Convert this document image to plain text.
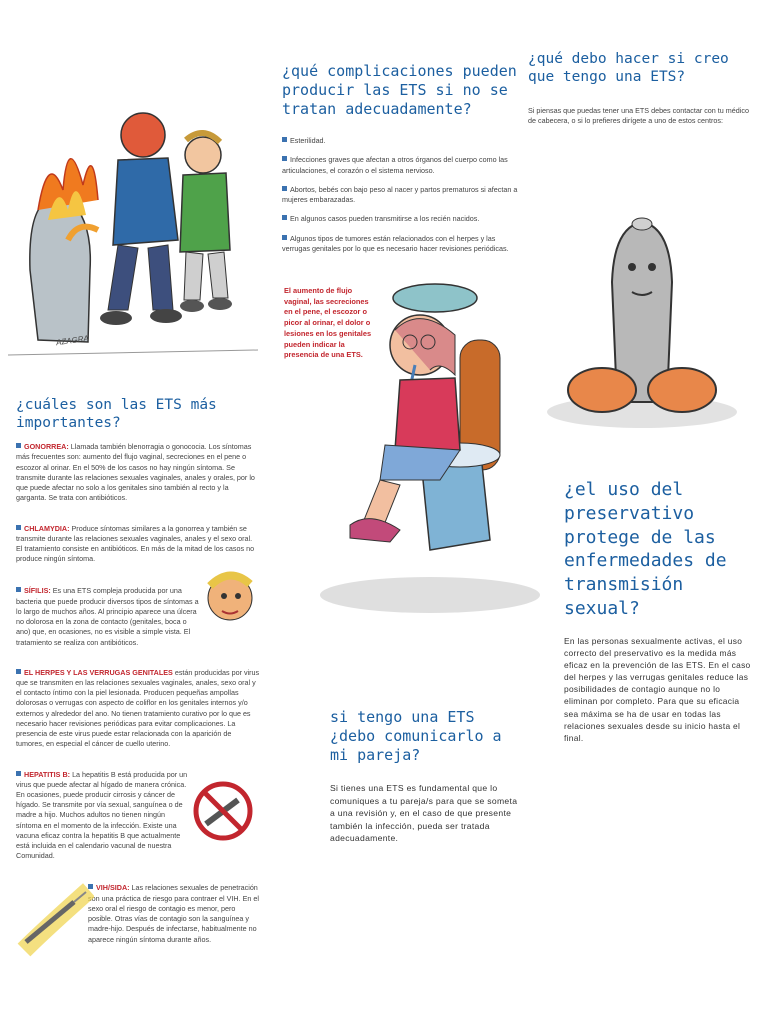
AZAGRA
¿cuáles son las ETS más importantes?

GONORREA: Llamada también blenorragia o gonococia. Los síntomas más frecuentes son: aumento del flujo vaginal, secreciones en el pene o escozor al orinar. En el 50% de los casos no hay ningún síntoma. Se transmite durante las relaciones sexuales vaginales, anales y orales, por lo que puede afectar no solo a los genitales sino también al recto y la garganta. Se trata con antibióticos.

CHLAMYDIA: Produce síntomas similares a la gonorrea y también se transmite durante las relaciones sexuales vaginales, anales y el sexo oral. El tratamiento consiste en antibióticos. En más de la mitad de los casos no produce ningún síntoma.

SÍFILIS: Es una ETS compleja producida por una bacteria que puede producir diversos tipos de síntomas a lo largo de muchos años. Al principio aparece una úlcera no dolorosa en la zona de contacto (genitales, boca o ano) que, en ocasiones, no es visible a simple vista. El tratamiento se realiza con antibióticos.

EL HERPES Y LAS VERRUGAS GENITALES están producidas por virus que se transmiten en las relaciones sexuales vaginales, anales, sexo oral y el contacto íntimo con la piel lesionada. Producen pequeñas ampollas dolorosas o verrugas con aspecto de coliflor en los genitales internos y/o externos y alrededor del ano. No tienen tratamiento curativo por lo que es necesario hacer revisiones periódicas para evitar complicaciones. La presencia de este virus puede estar relacionada con la aparición de tumores, en especial el cáncer de cuello uterino.

HEPATITIS B: La hepatitis B está producida por un virus que puede afectar al hígado de manera crónica. En ocasiones, puede producir cirrosis y cáncer de hígado. Se transmite por vía sexual, sanguínea o de madre a hijo. Muchos adultos no tienen ningún síntoma en el momento de la infección. Existe una vacuna eficaz contra la hepatitis B que actualmente está incluida en el calendario vacunal de nuestra Comunidad.

VIH/SIDA: Las relaciones sexuales de penetración son una práctica de riesgo para contraer el VIH. En el sexo oral el riesgo de contagio es menor, pero posible. Otras vías de contagio son la sanguínea y madre-hijo. Después de infectarse, habitualmente no aparece ningún síntoma durante años.

¿qué complicaciones pueden producir las ETS si no se tratan adecuadamente?

Esterilidad.

Infecciones graves que afectan a otros órganos del cuerpo como las articulaciones, el corazón o el sistema nervioso.

Abortos, bebés con bajo peso al nacer y partos prematuros si afectan a mujeres embarazadas.

En algunos casos pueden transmitirse a los recién nacidos.

Algunos tipos de tumores están relacionados con el herpes y las verrugas genitales por lo que es necesario hacer revisiones periódicas.

El aumento de flujo vaginal, las secreciones en el pene, el escozor o picor al orinar, el dolor o lesiones en los genitales pueden indicar la presencia de una ETS.
si tengo una ETS ¿debo comunicarlo a mi pareja?
Si tienes una ETS es fundamental que lo comuniques a tu pareja/s para que se someta a una revisión y, en el caso de que presente también la infección, pueda ser tratada adecuadamente.
¿qué debo hacer si creo que tengo una ETS?
Si piensas que puedas tener una ETS debes contactar con tu médico de cabecera, o si lo prefieres dirígete a uno de estos centros:
¿el uso del preservativo protege de las enfermedades de transmisión sexual?
En las personas sexualmente activas, el uso correcto del preservativo es la medida más eficaz en la prevención de las ETS. En el caso del herpes y las verrugas genitales reduce las posibilidades de contagio aunque no lo eliminan por completo. Para que su eficacia sea máxima se ha de usar en todas las relaciones sexuales desde su inicio hasta el final.
